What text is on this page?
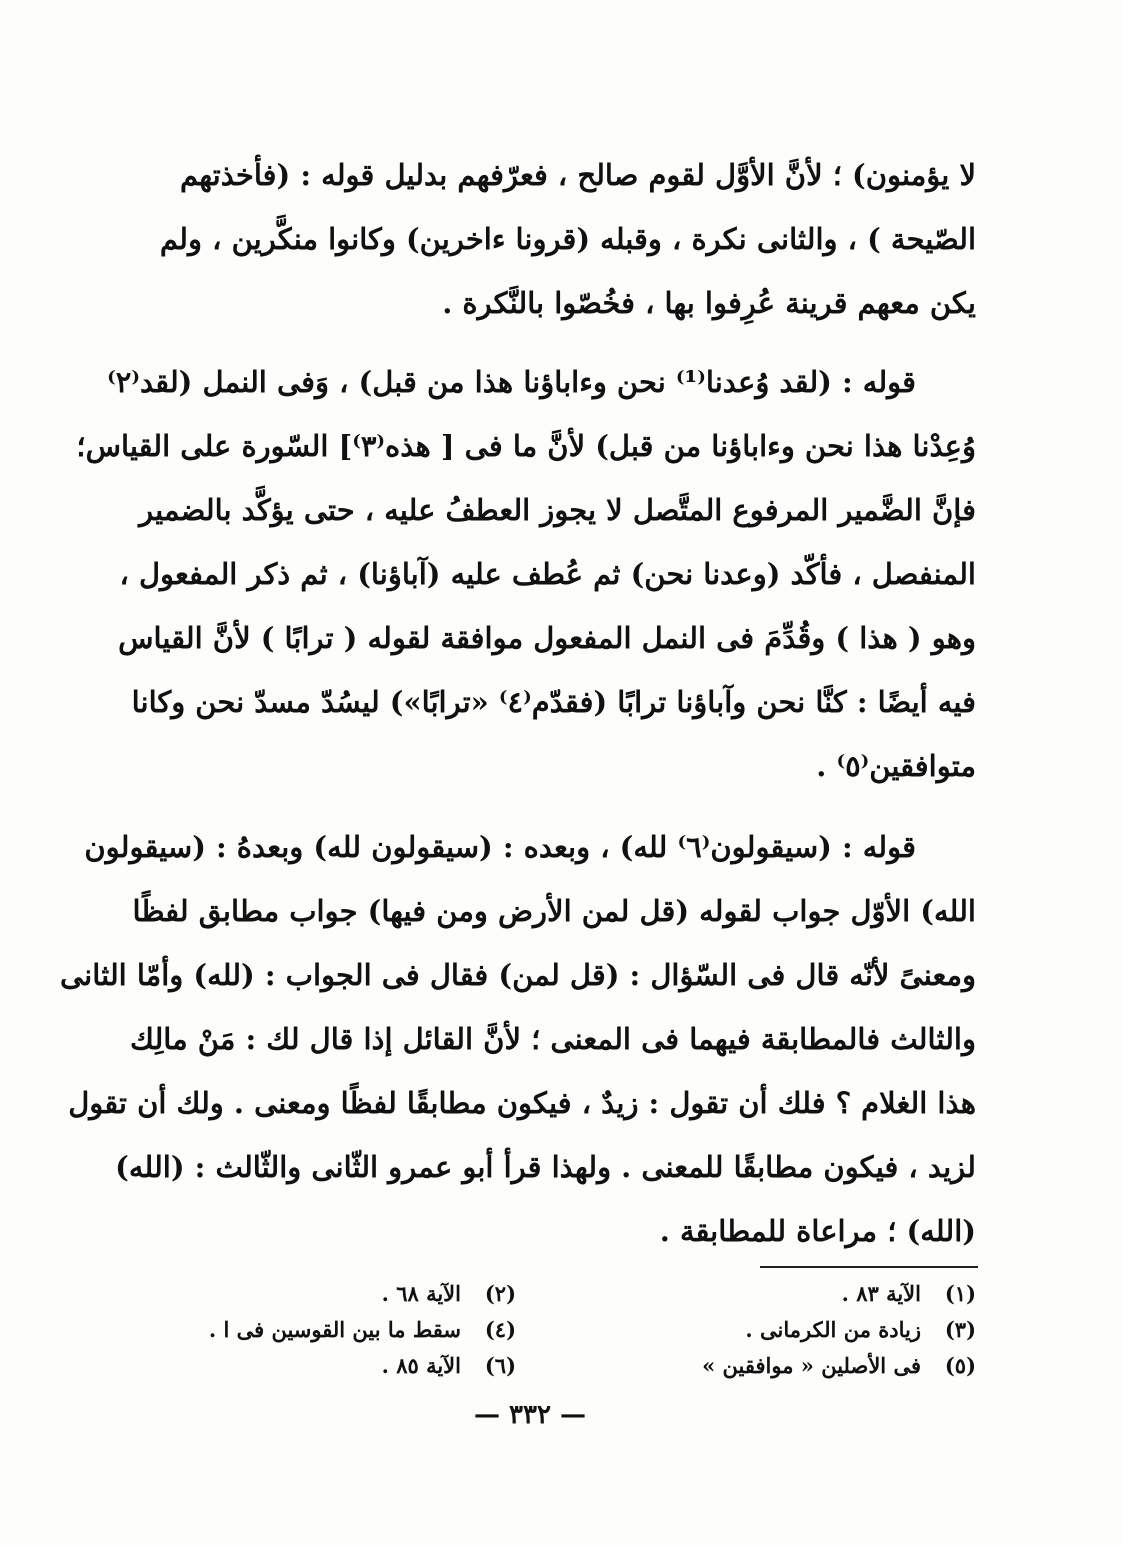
لا يؤمنون) ؛ لأنَّ الأوَّل لقوم صالح ، فعرّفهم بدليل قوله : (فأخذتهم
الصّيحة ) ، والثانى نكرة ، وقبله (قرونا ءاخرين) وكانوا منكَّرين ، ولم
يكن معهم قرينة عُرِفوا بها ، فخُصّوا بالنَّكرة .
قوله : (لقد وُعدنا⁽¹⁾ نحن وءاباؤنا هذا من قبل) ، وَفى النمل (لقد⁽٢⁾
وُعِدْنا هذا نحن وءاباؤنا من قبل) لأنَّ ما فى [ هذه⁽٣⁾] السّورة على القياس؛
فإنَّ الضَّمير المرفوع المتَّصل لا يجوز العطفُ عليه ، حتى يؤكَّد بالضمير
المنفصل ، فأكّد (وعدنا نحن) ثم عُطف عليه (آباؤنا) ، ثم ذكر المفعول ،
وهو ( هذا ) وقُدِّمَ فى النمل المفعول موافقة لقوله ( ترابًا ) لأنَّ القياس
فيه أيضًا : كنَّا نحن وآباؤنا ترابًا (فقدّم⁽٤⁾ «ترابًا») ليسُدّ مسدّ نحن وكانا
متوافقين⁽٥⁾ .
قوله : (سيقولون⁽٦⁾ لله) ، وبعده : (سيقولون لله) وبعدهُ : (سيقولون
الله) الأوّل جواب لقوله (قل لمن الأرض ومن فيها) جواب مطابق لفظًا
ومعنىً لأنّه قال فى السّؤال : (قل لمن) فقال فى الجواب : (لله) وأمّا الثانى
والثالث فالمطابقة فيهما فى المعنى ؛ لأنَّ القائل إذا قال لك : مَنْ مالِك
هذا الغلام ؟ فلك أن تقول : زيدٌ ، فيكون مطابقًا لفظًا ومعنى . ولك أن تقول
لزيد ، فيكون مطابقًا للمعنى . ولهذا قرأ أبو عمرو الثّانى والثّالث : (الله)
(الله) ؛ مراعاة للمطابقة .
(١)
الآية ٨٣ .
(٣)
زيادة من الكرمانى .
(٥)
فى الأصلين « موافقين »
(٢)
الآية ٦٨ .
(٤)
سقط ما بين القوسين فى ا .
(٦)
الآية ٨٥ .
— ٣٣٢ —
